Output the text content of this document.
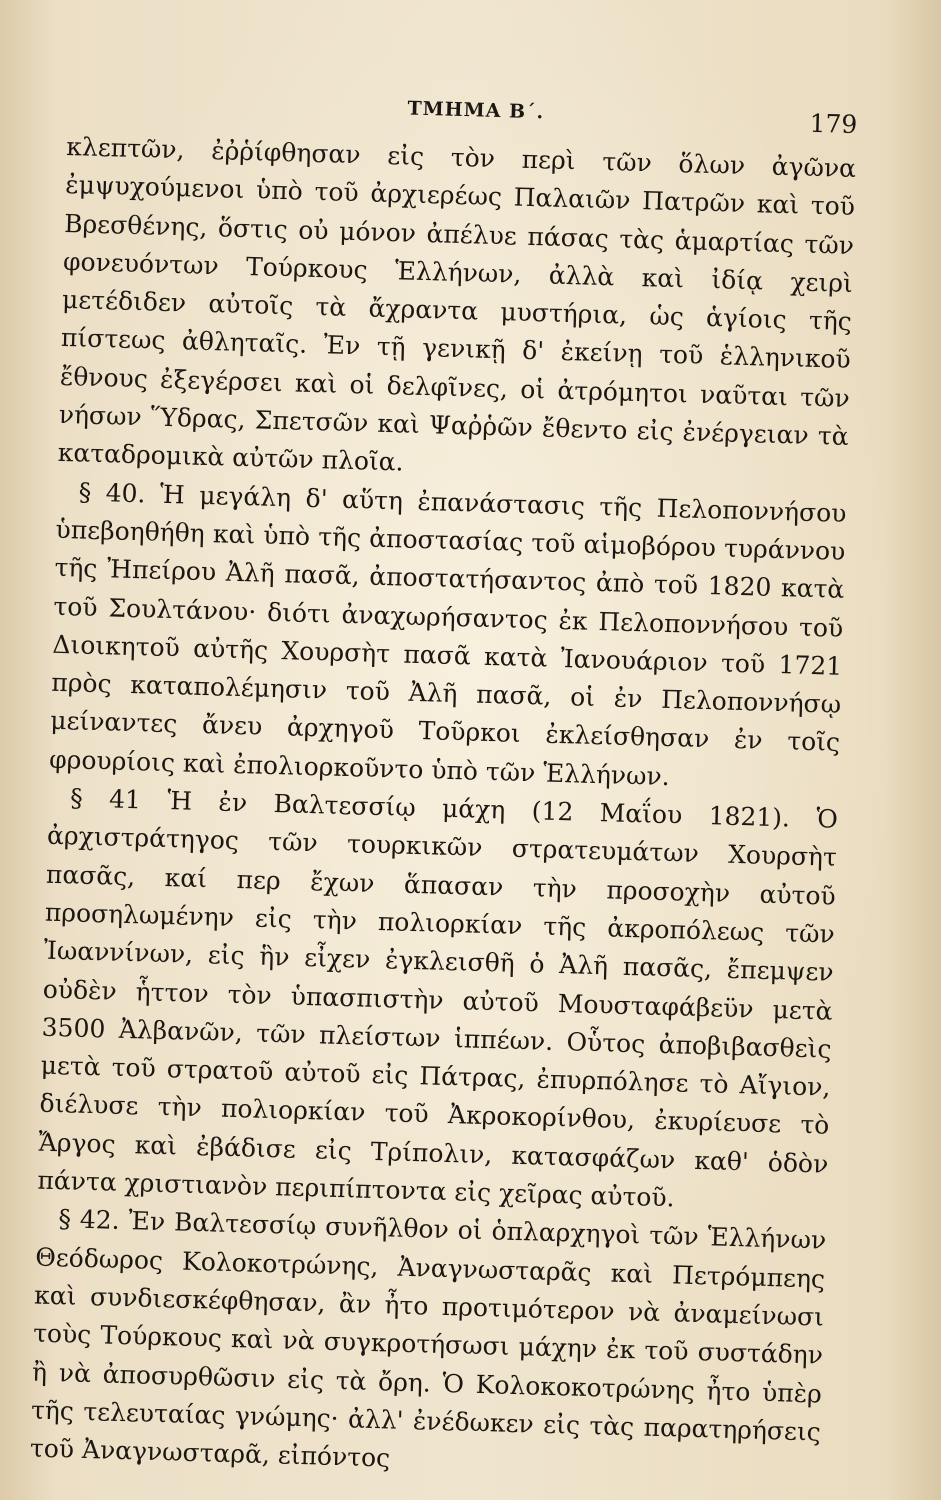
ΤΜΗΜΑ Β΄.	179

κλεπτῶν, ἐῤῥίφθησαν εἰς τὸν περὶ τῶν ὅλων ἀγῶνα ἐμψυχούμενοι ὑπὸ τοῦ ἀρχιερέως Παλαιῶν Πατρῶν καὶ τοῦ Βρεσθένης, ὅστις οὐ μόνον ἀπέλυε πάσας τὰς ἁμαρτίας τῶν φονευόντων Τούρκους Ἑλλήνων, ἀλλὰ καὶ ἰδίᾳ χειρὶ μετέδιδεν αὐτοῖς τὰ ἄχραντα μυστήρια, ὡς ἁγίοις τῆς πίστεως ἀθληταῖς. Ἐν τῇ γενικῇ δ' ἐκείνῃ τοῦ ἑλληνικοῦ ἔθνους ἐξεγέρσει καὶ οἱ δελφῖνες, οἱ ἀτρόμητοι ναῦται τῶν νήσων Ὕδρας, Σπετσῶν καὶ Ψαῤῥῶν ἔθεντο εἰς ἐνέργειαν τὰ καταδρομικὰ αὐτῶν πλοῖα.

§ 40. Ἡ μεγάλη δ' αὕτη ἐπανάστασις τῆς Πελοποννήσου ὑπεβοηθήθη καὶ ὑπὸ τῆς ἀποστασίας τοῦ αἱμοβόρου τυράννου τῆς Ἠπείρου Ἀλῆ πασᾶ, ἀποστατήσαντος ἀπὸ τοῦ 1820 κατὰ τοῦ Σουλτάνου· διότι ἀναχωρήσαντος ἐκ Πελοποννήσου τοῦ Διοικητοῦ αὐτῆς Χουρσὴτ πασᾶ κατὰ Ἰανουάριον τοῦ 1721 πρὸς καταπολέμησιν τοῦ Ἀλῆ πασᾶ, οἱ ἐν Πελοποννήσῳ μείναντες ἄνευ ἀρχηγοῦ Τοῦρκοι ἐκλείσθησαν ἐν τοῖς φρουρίοις καὶ ἐπολιορκοῦντο ὑπὸ τῶν Ἑλλήνων.

§ 41 Ἡ ἐν Βαλτεσσίῳ μάχη (12 Μαΐου 1821). Ὁ ἀρχιστράτηγος τῶν τουρκικῶν στρατευμάτων Χουρσὴτ πασᾶς, καί περ ἔχων ἅπασαν τὴν προσοχὴν αὐτοῦ προσηλωμένην εἰς τὴν πολιορκίαν τῆς ἀκροπόλεως τῶν Ἰωαννίνων, εἰς ἣν εἶχεν ἐγκλεισθῆ ὁ Ἀλῆ πασᾶς, ἔπεμψεν οὐδὲν ἧττον τὸν ὑπασπιστὴν αὐτοῦ Μουσταφάβεϋν μετὰ 3500 Ἀλβανῶν, τῶν πλείστων ἱππέων. Οὗτος ἀποβιβασθεὶς μετὰ τοῦ στρατοῦ αὐτοῦ εἰς Πάτρας, ἐπυρπόλησε τὸ Αἴγιον, διέλυσε τὴν πολιορκίαν τοῦ Ἀκροκορίνθου, ἐκυρίευσε τὸ Ἄργος καὶ ἐβάδισε εἰς Τρίπολιν, κατασφάζων καθ' ὁδὸν πάντα χριστιανὸν περιπίπτοντα εἰς χεῖρας αὐτοῦ.

§ 42. Ἐν Βαλτεσσίῳ συνῆλθον οἱ ὁπλαρχηγοὶ τῶν Ἑλλήνων Θεόδωρος Κολοκοτρώνης, Ἀναγνωσταρᾶς καὶ Πετρόμπεης καὶ συνδιεσκέφθησαν, ἂν ἦτο προτιμότερον νὰ ἀναμείνωσι τοὺς Τούρκους καὶ νὰ συγκροτήσωσι μάχην ἐκ τοῦ συστάδην ἢ νὰ ἀποσυρθῶσιν εἰς τὰ ὄρη. Ὁ Κολοκοκοτρώνης ἦτο ὑπὲρ τῆς τελευταίας γνώμης· ἀλλ' ἐνέδωκεν εἰς τὰς παρατηρήσεις τοῦ Ἀναγνωσταρᾶ, εἰπόντος
